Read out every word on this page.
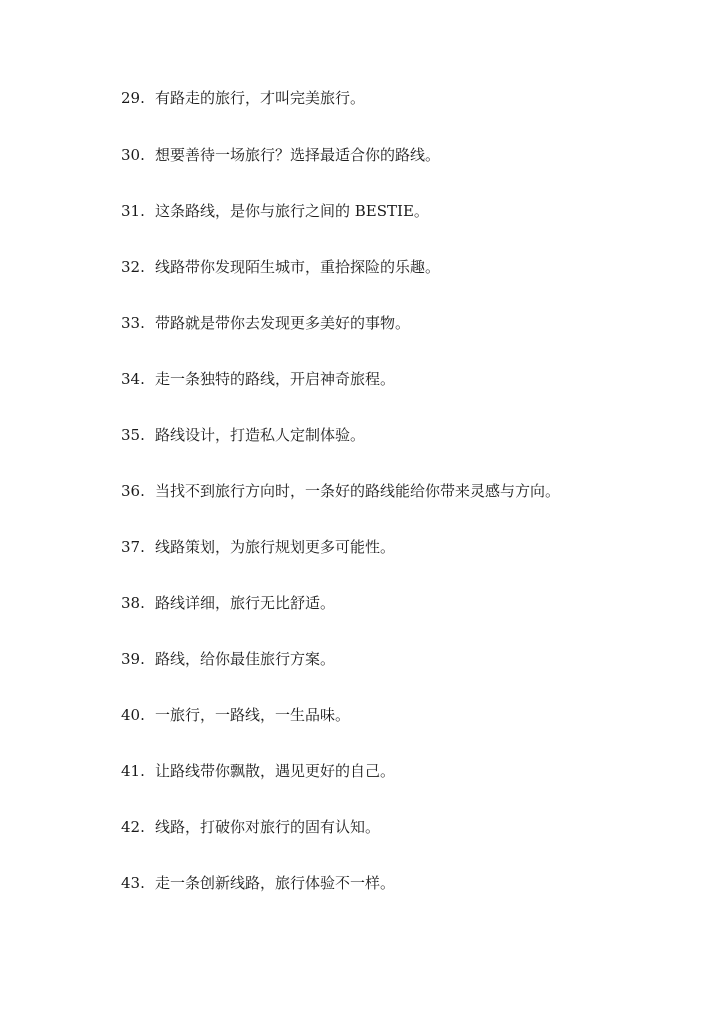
29. 有路走的旅行，才叫完美旅行。
30. 想要善待一场旅行？选择最适合你的路线。
31. 这条路线，是你与旅行之间的 BESTIE。
32. 线路带你发现陌生城市，重拾探险的乐趣。
33. 带路就是带你去发现更多美好的事物。
34. 走一条独特的路线，开启神奇旅程。
35. 路线设计，打造私人定制体验。
36. 当找不到旅行方向时，一条好的路线能给你带来灵感与方向。
37. 线路策划，为旅行规划更多可能性。
38. 路线详细，旅行无比舒适。
39. 路线，给你最佳旅行方案。
40. 一旅行，一路线，一生品味。
41. 让路线带你飘散，遇见更好的自己。
42. 线路，打破你对旅行的固有认知。
43. 走一条创新线路，旅行体验不一样。
